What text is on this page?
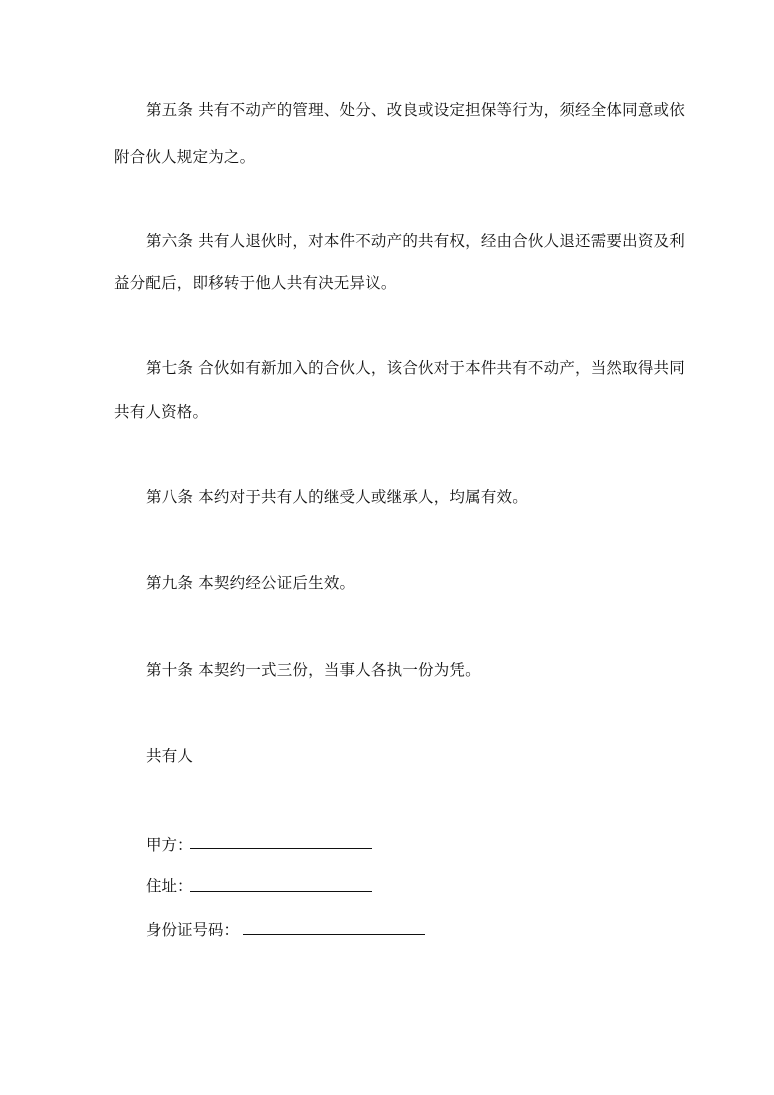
第五条 共有不动产的管理、处分、改良或设定担保等行为，须经全体同意或依
附合伙人规定为之。
第六条 共有人退伙时，对本件不动产的共有权，经由合伙人退还需要出资及利
益分配后，即移转于他人共有决无异议。
第七条 合伙如有新加入的合伙人，该合伙对于本件共有不动产，当然取得共同
共有人资格。
第八条 本约对于共有人的继受人或继承人，均属有效。
第九条 本契约经公证后生效。
第十条 本契约一式三份，当事人各执一份为凭。
共有人
甲方：
住址：
身份证号码：
